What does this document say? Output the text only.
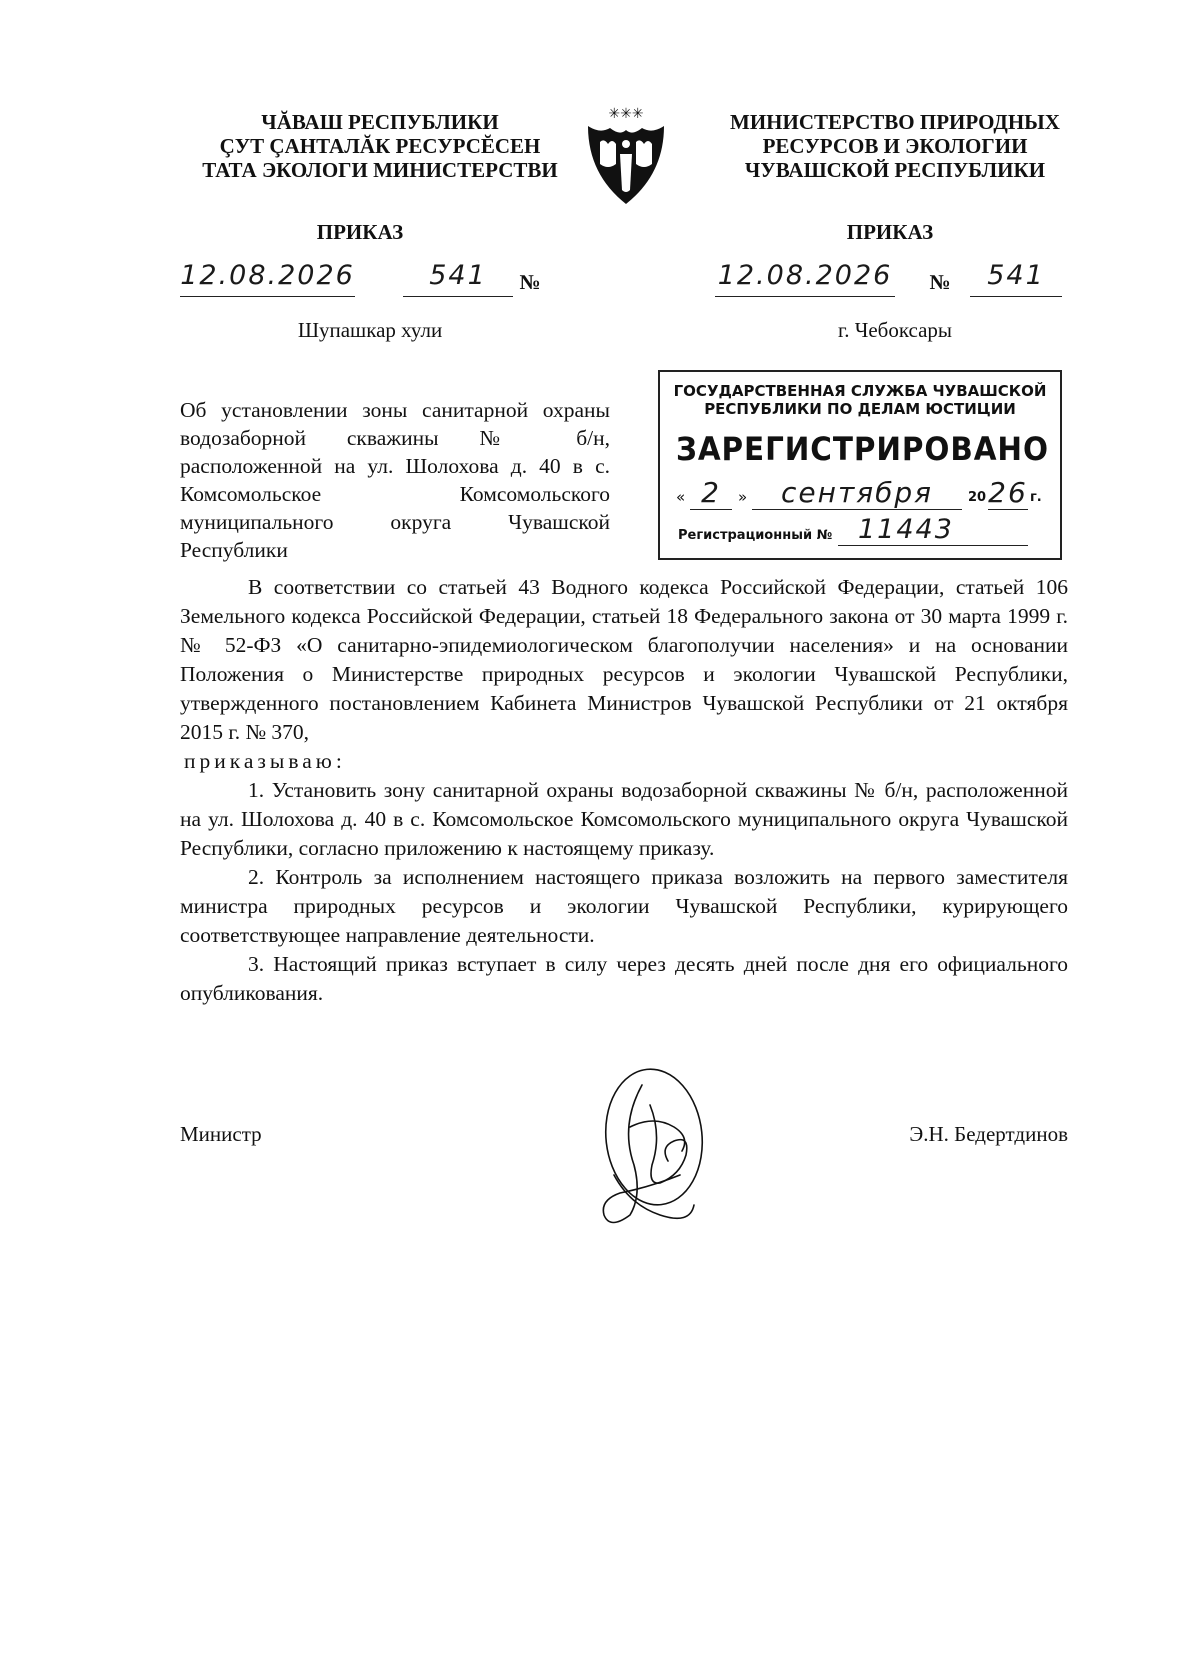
ЧĂВАШ РЕСПУБЛИКИ
ÇУТ ÇАНТАЛĂК РЕСУРСĔСЕН
ТАТА ЭКОЛОГИ МИНИСТЕРСТВИ
✳✳✳	МИНИСТЕРСТВО ПРИРОДНЫХ
РЕСУРСОВ И ЭКОЛОГИИ
ЧУВАШСКОЙ РЕСПУБЛИКИ
ПРИКАЗ	ПРИКАЗ
12.08.2026	541	№	12.08.2026 №	541
Шупашкар хули	г. Чебоксары
Об установлении зоны санитарной охраны водозаборной скважины № б/н, расположенной на ул. Шолохова д. 40 в с. Комсомольское Комсомольского муниципального округа Чувашской Республики
ГОСУДАРСТВЕННАЯ СЛУЖБА ЧУВАШСКОЙ
РЕСПУБЛИКИ ПО ДЕЛАМ ЮСТИЦИИ
ЗАРЕГИСТРИРОВАНО
« 2	»	сентября	20 26 г.
Регистрационный № 11443

В соответствии со статьей 43 Водного кодекса Российской Федерации, статьей 106 Земельного кодекса Российской Федерации, статьей 18 Федерального закона от 30 марта 1999 г. № 52-ФЗ «О санитарно-эпидемиологическом благополучии населения» и на основании Положения о Министерстве природных ресурсов и экологии Чувашской Республики, утвержденного постановлением Кабинета Министров Чувашской Республики от 21 октября 2015 г. № 370,

приказываю:

1. Установить зону санитарной охраны водозаборной скважины № б/н, расположенной на ул. Шолохова д. 40 в с. Комсомольское Комсомольского муниципального округа Чувашской Республики, согласно приложению к настоящему приказу.

2. Контроль за исполнением настоящего приказа возложить на первого заместителя министра природных ресурсов и экологии Чувашской Республики, курирующего соответствующее направление деятельности.

3. Настоящий приказ вступает в силу через десять дней после дня его официального опубликования.

Министр	Э.Н. Бедертдинов
